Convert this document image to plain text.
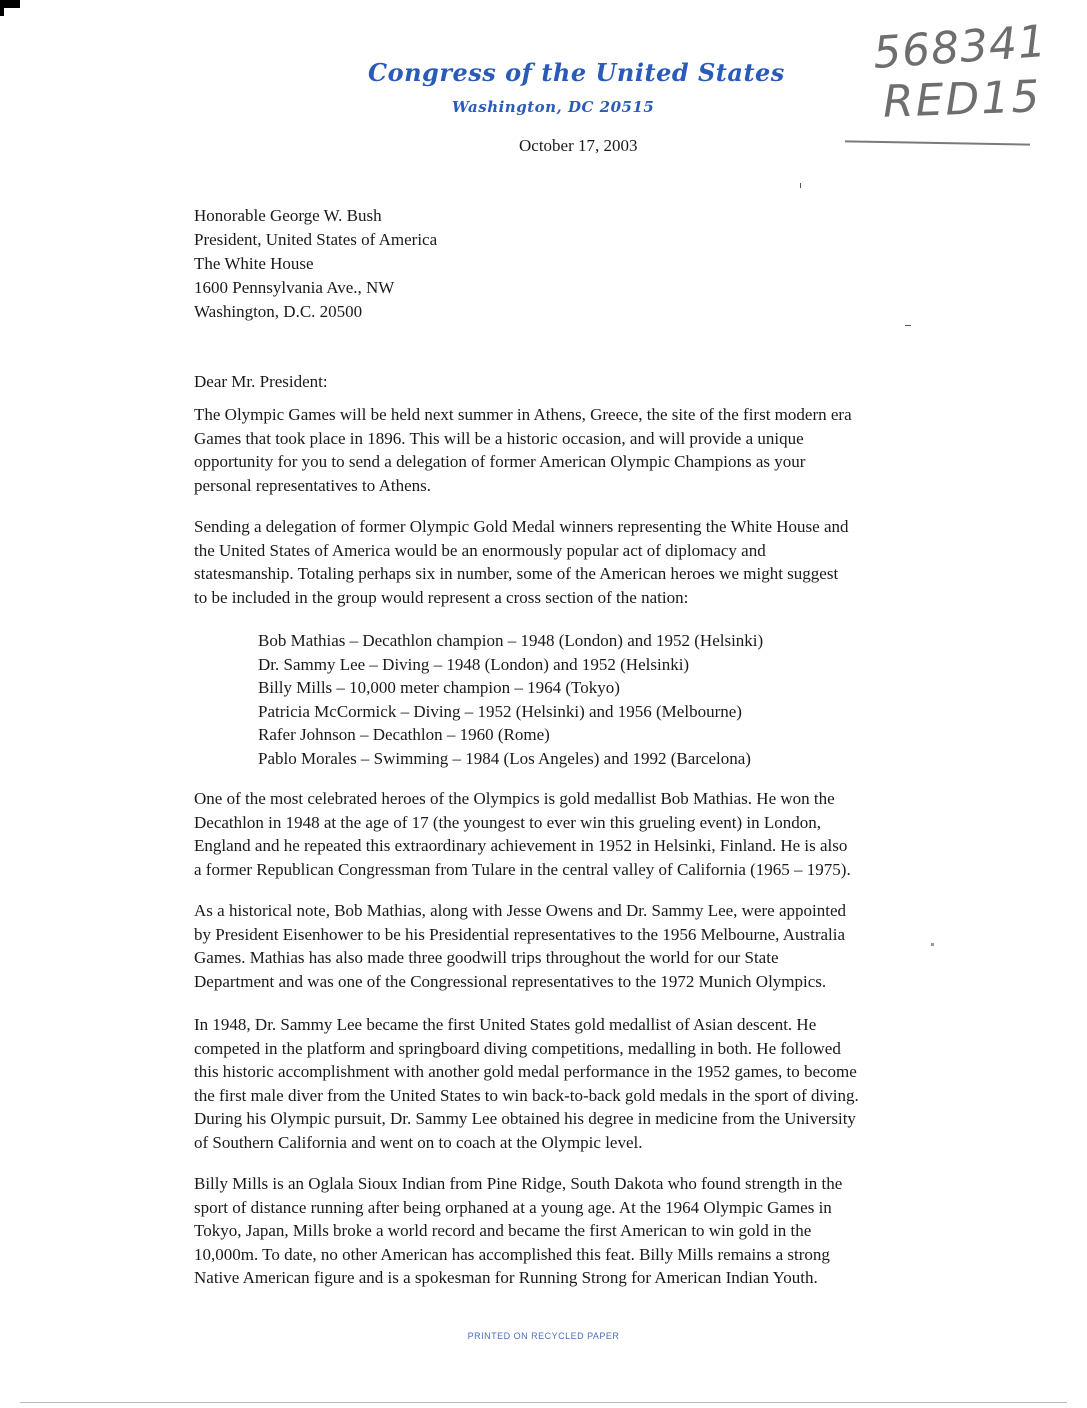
Congress of the United States
Washington, DC 20515
568341
RED15
October 17, 2003
Honorable George W. Bush
President, United States of America
The White House
1600 Pennsylvania Ave., NW
Washington, D.C. 20500
Dear Mr. President:

The Olympic Games will be held next summer in Athens, Greece, the site of the first modern era
Games that took place in 1896. This will be a historic occasion, and will provide a unique
opportunity for you to send a delegation of former American Olympic Champions as your
personal representatives to Athens.

Sending a delegation of former Olympic Gold Medal winners representing the White House and
the United States of America would be an enormously popular act of diplomacy and
statesmanship. Totaling perhaps six in number, some of the American heroes we might suggest
to be included in the group would represent a cross section of the nation:

Bob Mathias – Decathlon champion – 1948 (London) and 1952 (Helsinki)
Dr. Sammy Lee – Diving – 1948 (London) and 1952 (Helsinki)
Billy Mills – 10,000 meter champion – 1964 (Tokyo)
Patricia McCormick – Diving – 1952 (Helsinki) and 1956 (Melbourne)
Rafer Johnson – Decathlon – 1960 (Rome)
Pablo Morales – Swimming – 1984 (Los Angeles) and 1992 (Barcelona)

One of the most celebrated heroes of the Olympics is gold medallist Bob Mathias. He won the
Decathlon in 1948 at the age of 17 (the youngest to ever win this grueling event) in London,
England and he repeated this extraordinary achievement in 1952 in Helsinki, Finland. He is also
a former Republican Congressman from Tulare in the central valley of California (1965 – 1975).

As a historical note, Bob Mathias, along with Jesse Owens and Dr. Sammy Lee, were appointed
by President Eisenhower to be his Presidential representatives to the 1956 Melbourne, Australia
Games. Mathias has also made three goodwill trips throughout the world for our State
Department and was one of the Congressional representatives to the 1972 Munich Olympics.

In 1948, Dr. Sammy Lee became the first United States gold medallist of Asian descent. He
competed in the platform and springboard diving competitions, medalling in both. He followed
this historic accomplishment with another gold medal performance in the 1952 games, to become
the first male diver from the United States to win back-to-back gold medals in the sport of diving.
During his Olympic pursuit, Dr. Sammy Lee obtained his degree in medicine from the University
of Southern California and went on to coach at the Olympic level.

Billy Mills is an Oglala Sioux Indian from Pine Ridge, South Dakota who found strength in the
sport of distance running after being orphaned at a young age. At the 1964 Olympic Games in
Tokyo, Japan, Mills broke a world record and became the first American to win gold in the
10,000m. To date, no other American has accomplished this feat. Billy Mills remains a strong
Native American figure and is a spokesman for Running Strong for American Indian Youth.

PRINTED ON RECYCLED PAPER
